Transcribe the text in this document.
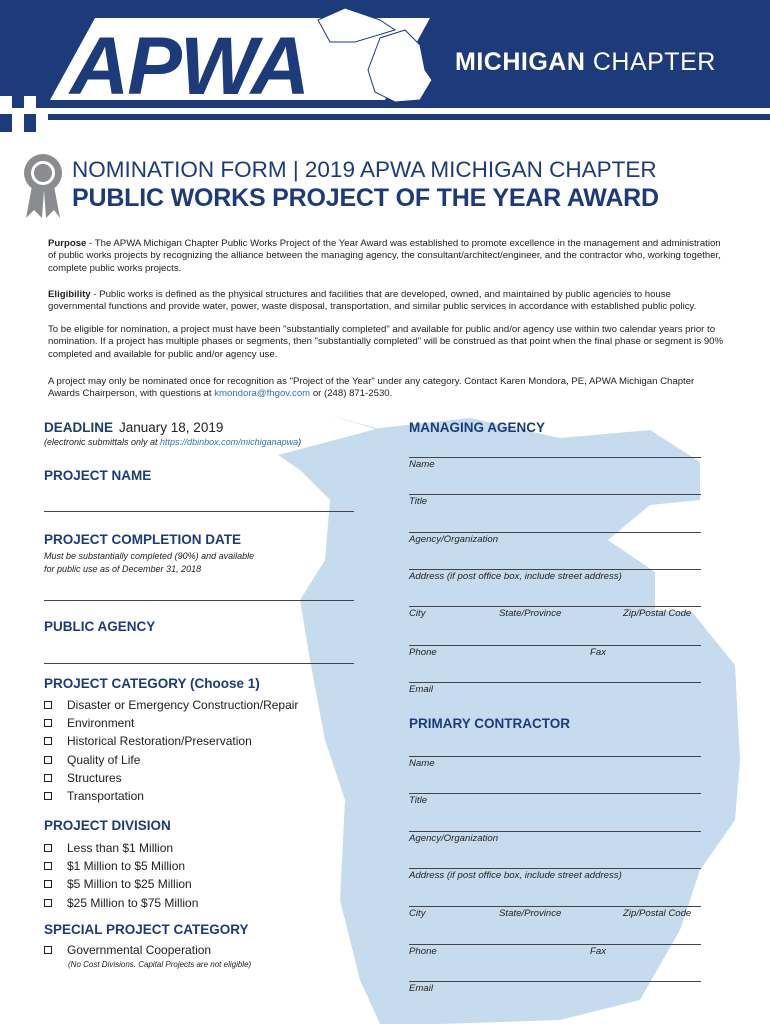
APWA	MICHIGAN CHAPTER
NOMINATION FORM | 2019 APWA MICHIGAN CHAPTER
PUBLIC WORKS PROJECT OF THE YEAR AWARD
Purpose - The APWA Michigan Chapter Public Works Project of the Year Award was established to promote excellence in the management and administration of public works projects by recognizing the alliance between the managing agency, the consultant/architect/engineer, and the contractor who, working together, complete public works projects.
Eligibility - Public works is defined as the physical structures and facilities that are developed, owned, and maintained by public agencies to house governmental functions and provide water, power, waste disposal, transportation, and similar public services in accordance with established public policy.
To be eligible for nomination, a project must have been "substantially completed" and available for public and/or agency use within two calendar years prior to nomination. If a project has multiple phases or segments, then "substantially completed" will be construed as that point when the final phase or segment is 90% completed and available for public and/or agency use.
A project may only be nominated once for recognition as "Project of the Year" under any category. Contact Karen Mondora, PE, APWA Michigan Chapter Awards Chairperson, with questions at kmondora@fhgov.com or (248) 871-2530.
DEADLINE January 18, 2019
(electronic submittals only at https://dbinbox.com/michiganapwa)
PROJECT NAME
PROJECT COMPLETION DATE
Must be substantially completed (90%) and available
for public use as of December 31, 2018
PUBLIC AGENCY
PROJECT CATEGORY (Choose 1)
Disaster or Emergency Construction/Repair
Environment
Historical Restoration/Preservation
Quality of Life
Structures
Transportation
PROJECT DIVISION
Less than $1 Million
$1 Million to $5 Million
$5 Million to $25 Million
$25 Million to $75 Million
SPECIAL PROJECT CATEGORY
Governmental Cooperation
(No Cost Divisions. Capital Projects are not eligible)
MANAGING AGENCY
Name
Title
Agency/Organization
Address (if post office box, include street address)
City	State/Province	Zip/Postal Code
Phone	Fax
Email
PRIMARY CONTRACTOR
Name
Title
Agency/Organization
Address (if post office box, include street address)
City	State/Province	Zip/Postal Code
Phone	Fax
Email
